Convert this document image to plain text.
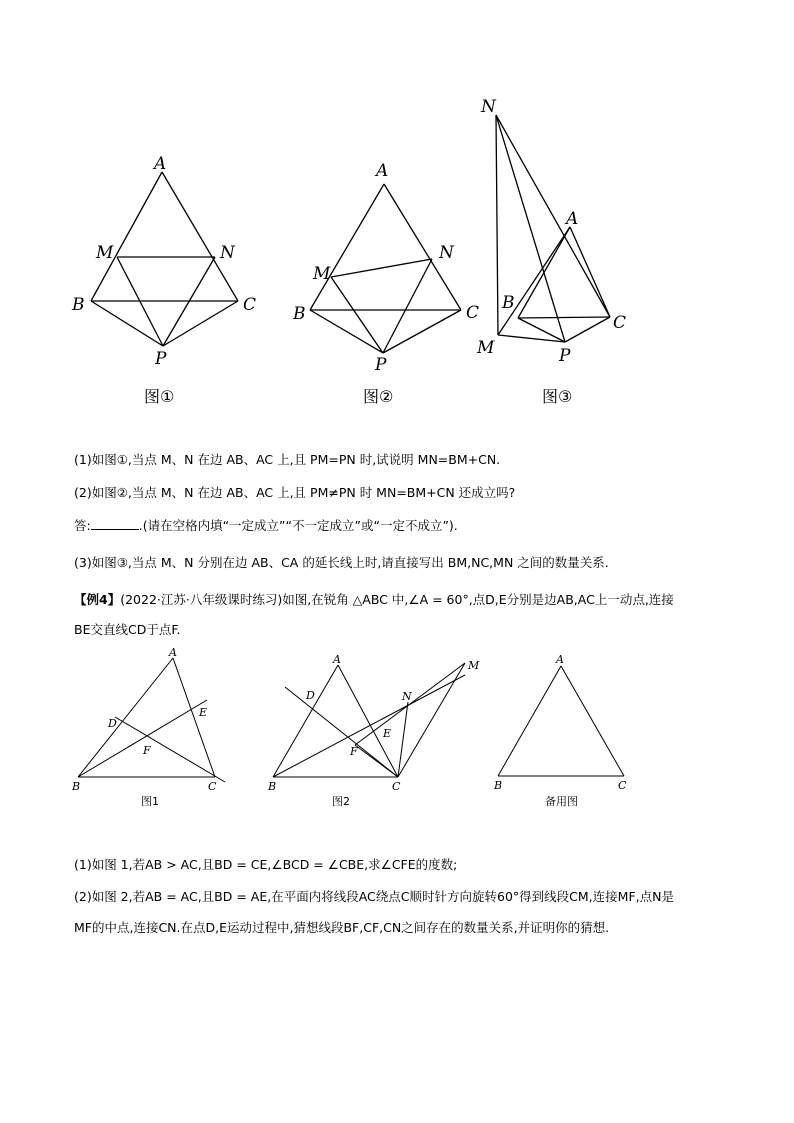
A
M	N
B	C
P
图①
A
M
N
B	C
P
图②
N
A
B
C
M	P
图③
(1)如图①,当点 M、N 在边 AB、AC 上,且 PM=PN 时,试说明 MN=BM+CN.
(2)如图②,当点 M、N 在边 AB、AC 上,且 PM≠PN 时 MN=BM+CN 还成立吗?
答:	.(请在空格内填“一定成立”“不一定成立”或“一定不成立”).
(3)如图③,当点 M、N 分别在边 AB、CA 的延长线上时,请直接写出 BM,NC,MN 之间的数量关系.
【例4】(2022·江苏·八年级课时练习)如图,在锐角 △ABC 中,∠A = 60°,点D,E分别是边AB,AC上一动点,连接
BE交直线CD于点F.
A
D
E
F
B	C
图1
A
D	N
M
E
F
B	C
图2
A
B	C
备用图
(1)如图 1,若AB > AC,且BD = CE,∠BCD = ∠CBE,求∠CFE的度数;
(2)如图 2,若AB = AC,且BD = AE,在平面内将线段AC绕点C顺时针方向旋转60°得到线段CM,连接MF,点N是
MF的中点,连接CN.在点D,E运动过程中,猜想线段BF,CF,CN之间存在的数量关系,并证明你的猜想.
